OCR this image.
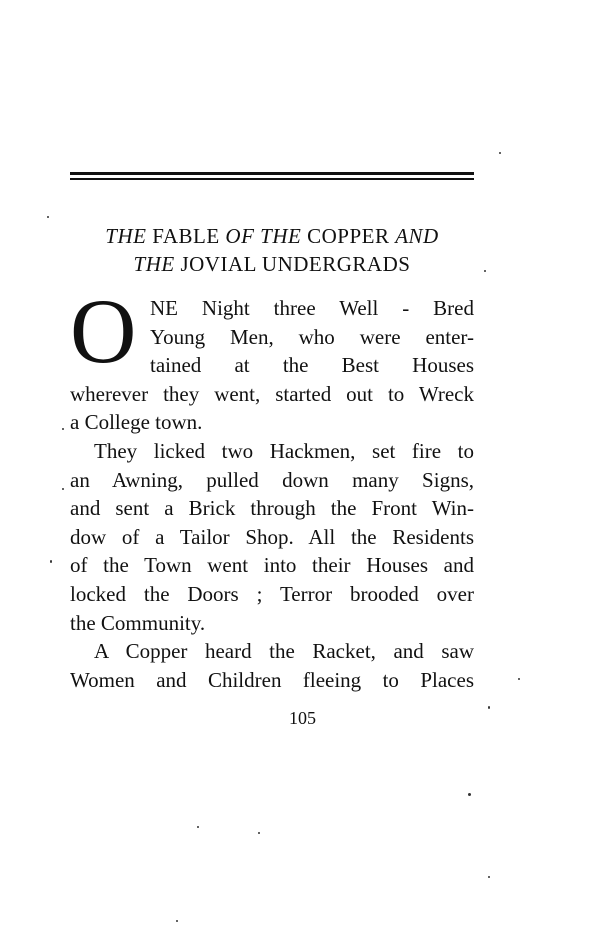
THE FABLE OF THE COPPER AND
THE JOVIAL UNDERGRADS
O NE Night three Well - Bred
Young Men, who were enter-
tained at the Best Houses
wherever they went, started out to Wreck
a College town.
They licked two Hackmen, set fire to
an Awning, pulled down many Signs,
and sent a Brick through the Front Win-
dow of a Tailor Shop. All the Residents
of the Town went into their Houses and
locked the Doors ; Terror brooded over
the Community.
A Copper heard the Racket, and saw
Women and Children fleeing to Places
105
